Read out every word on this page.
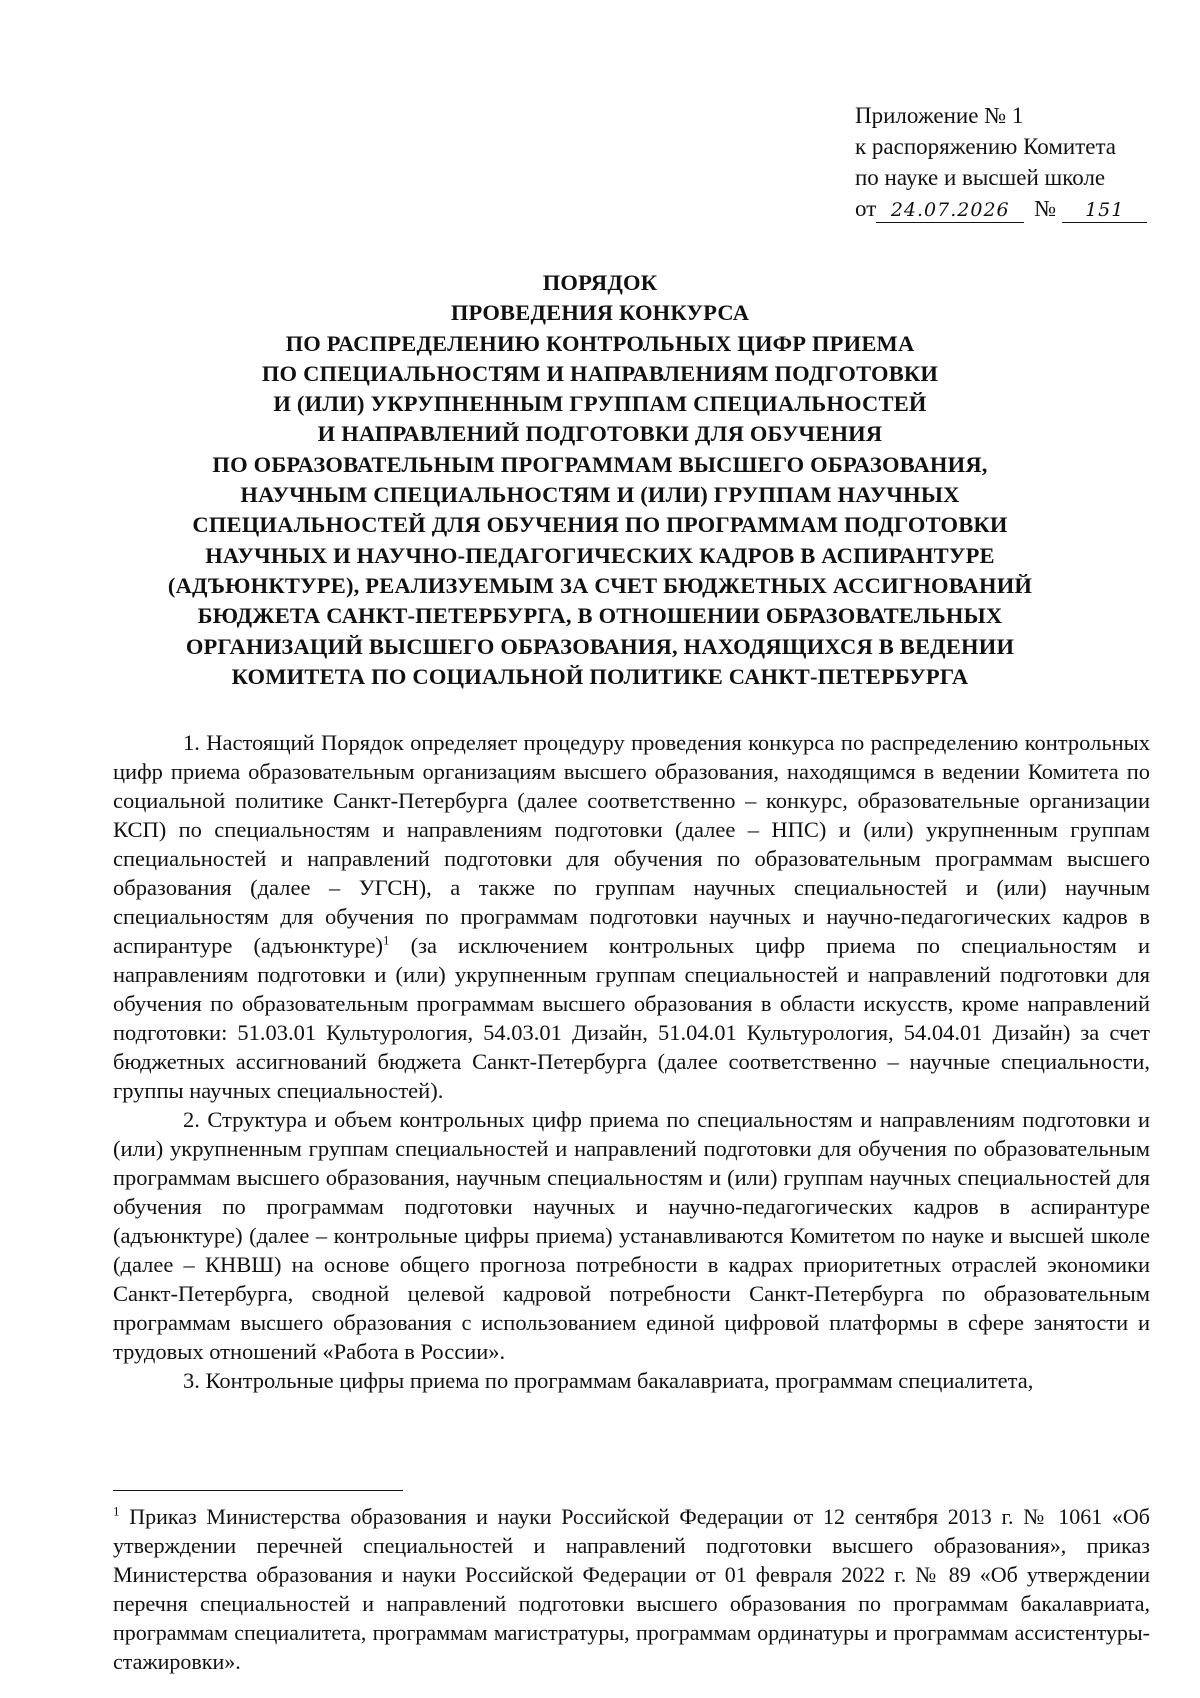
Приложение № 1
к распоряжению Комитета
по науке и высшей школе
от 24.07.2026 № 151
ПОРЯДОК
ПРОВЕДЕНИЯ КОНКУРСА
ПО РАСПРЕДЕЛЕНИЮ КОНТРОЛЬНЫХ ЦИФР ПРИЕМА
ПО СПЕЦИАЛЬНОСТЯМ И НАПРАВЛЕНИЯМ ПОДГОТОВКИ
И (ИЛИ) УКРУПНЕННЫМ ГРУППАМ СПЕЦИАЛЬНОСТЕЙ
И НАПРАВЛЕНИЙ ПОДГОТОВКИ ДЛЯ ОБУЧЕНИЯ
ПО ОБРАЗОВАТЕЛЬНЫМ ПРОГРАММАМ ВЫСШЕГО ОБРАЗОВАНИЯ,
НАУЧНЫМ СПЕЦИАЛЬНОСТЯМ И (ИЛИ) ГРУППАМ НАУЧНЫХ
СПЕЦИАЛЬНОСТЕЙ ДЛЯ ОБУЧЕНИЯ ПО ПРОГРАММАМ ПОДГОТОВКИ
НАУЧНЫХ И НАУЧНО-ПЕДАГОГИЧЕСКИХ КАДРОВ В АСПИРАНТУРЕ
(АДЪЮНКТУРЕ), РЕАЛИЗУЕМЫМ ЗА СЧЕТ БЮДЖЕТНЫХ АССИГНОВАНИЙ
БЮДЖЕТА САНКТ-ПЕТЕРБУРГА, В ОТНОШЕНИИ ОБРАЗОВАТЕЛЬНЫХ
ОРГАНИЗАЦИЙ ВЫСШЕГО ОБРАЗОВАНИЯ, НАХОДЯЩИХСЯ В ВЕДЕНИИ
КОМИТЕТА ПО СОЦИАЛЬНОЙ ПОЛИТИКЕ САНКТ-ПЕТЕРБУРГА

1. Настоящий Порядок определяет процедуру проведения конкурса по распределению контрольных цифр приема образовательным организациям высшего образования, находящимся в ведении Комитета по социальной политике Санкт-Петербурга (далее соответственно – конкурс, образовательные организации КСП) по специальностям и направлениям подготовки (далее – НПС) и (или) укрупненным группам специальностей и направлений подготовки для обучения по образовательным программам высшего образования (далее – УГСН), а также по группам научных специальностей и (или) научным специальностям для обучения по программам подготовки научных и научно-педагогических кадров в аспирантуре (адъюнктуре)$^1$ (за исключением контрольных цифр приема по специальностям и направлениям подготовки и (или) укрупненным группам специальностей и направлений подготовки для обучения по образовательным программам высшего образования в области искусств, кроме направлений подготовки: 51.03.01 Культурология, 54.03.01 Дизайн, 51.04.01 Культурология, 54.04.01 Дизайн) за счет бюджетных ассигнований бюджета Санкт-Петербурга (далее соответственно – научные специальности, группы научных специальностей).

2. Структура и объем контрольных цифр приема по специальностям и направлениям подготовки и (или) укрупненным группам специальностей и направлений подготовки для обучения по образовательным программам высшего образования, научным специальностям и (или) группам научных специальностей для обучения по программам подготовки научных и научно-педагогических кадров в аспирантуре (адъюнктуре) (далее – контрольные цифры приема) устанавливаются Комитетом по науке и высшей школе (далее – КНВШ) на основе общего прогноза потребности в кадрах приоритетных отраслей экономики Санкт-Петербурга, сводной целевой кадровой потребности Санкт-Петербурга по образовательным программам высшего образования с использованием единой цифровой платформы в сфере занятости и трудовых отношений «Работа в России».

3. Контрольные цифры приема по программам бакалавриата, программам специалитета,

$^1$ Приказ Министерства образования и науки Российской Федерации от 12 сентября 2013 г. № 1061 «Об утверждении перечней специальностей и направлений подготовки высшего образования», приказ Министерства образования и науки Российской Федерации от 01 февраля 2022 г. № 89 «Об утверждении перечня специальностей и направлений подготовки высшего образования по программам бакалавриата, программам специалитета, программам магистратуры, программам ординатуры и программам ассистентуры-стажировки».
